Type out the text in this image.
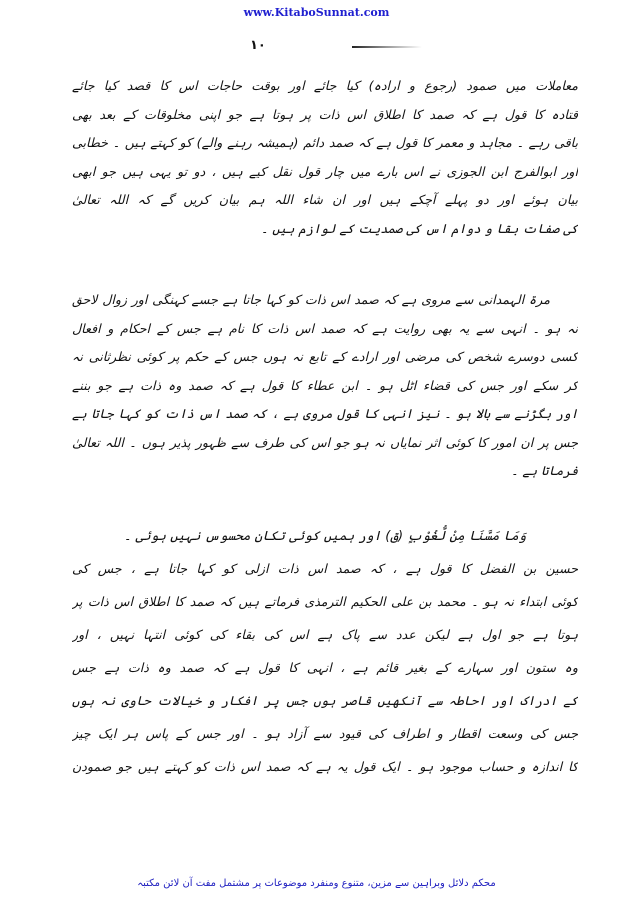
www.KitaboSunnat.com
۱۰
معاملات میں صمود (رجوع و ارادہ) کیا جائے اور بوقت حاجات اس کا قصد کیا جائے
قتادہ کا قول ہے کہ صمد کا اطلاق اس ذات پر ہوتا ہے جو اپنی مخلوقات کے بعد بھی
باقی رہے ۔ مجاہد و معمر کا قول ہے کہ صمد دائم (ہمیشہ رہنے والے) کو کہتے ہیں ۔ خطابی
اور ابوالفرج ابن الجوزی نے اس بارے میں چار قول نقل کیے ہیں ، دو تو یہی ہیں جو ابھی
بیان ہوئے اور دو پہلے آچکے ہیں اور ان شاء اللہ ہم بیان کریں گے کہ اللہ تعالیٰ
کی صفات بقا و دوام اس کی صمدیت کے لوازم ہیں ۔
مرۃ الہمدانی سے مروی ہے کہ صمد اس ذات کو کہا جاتا ہے جسے کہنگی اور زوال لاحق
نہ ہو ۔ انہی سے یہ بھی روایت ہے کہ صمد اس ذات کا نام ہے جس کے احکام و افعال
کسی دوسرے شخص کی مرضی اور ارادے کے تابع نہ ہوں جس کے حکم پر کوئی نظرثانی نہ
کر سکے اور جس کی قضاء اٹل ہو ۔ ابن عطاء کا قول ہے کہ صمد وہ ذات ہے جو بننے
اور بگڑنے سے بالا ہو ۔ نیز انہی کا قول مروی ہے ، کہ صمد اس ذات کو کہا جاتا ہے
جس پر ان امور کا کوئی اثر نمایاں نہ ہو جو اس کی طرف سے ظہور پذیر ہوں ۔ اللہ تعالیٰ
فرماتا ہے ۔
وَمَا مَسَّنَا مِنْ لُّغُوْبٍ (ق) اور ہمیں کوئی تکان محسوس نہیں ہوئی ۔
حسین بن الفضل کا قول ہے ، کہ صمد اس ذات ازلی کو کہا جاتا ہے ، جس کی
کوئی ابتداء نہ ہو ۔ محمد بن علی الحکیم الترمذی فرماتے ہیں کہ صمد کا اطلاق اس ذات پر
ہوتا ہے جو اول ہے لیکن عدد سے پاک ہے اس کی بقاء کی کوئی انتہا نہیں ، اور
وہ ستون اور سہارے کے بغیر قائم ہے ، انہی کا قول ہے کہ صمد وہ ذات ہے جس
کے ادراک اور احاطہ سے آنکھیں قاصر ہوں جس پر افکار و خیالات حاوی نہ ہوں
جس کی وسعت اقطار و اطراف کی قیود سے آزاد ہو ۔ اور جس کے پاس ہر ایک چیز
کا اندازہ و حساب موجود ہو ۔ ایک قول یہ ہے کہ صمد اس ذات کو کہتے ہیں جو صمودن
محکم دلائل وبراہین سے مزین، متنوع ومنفرد موضوعات پر مشتمل مفت آن لائن مکتبہ
